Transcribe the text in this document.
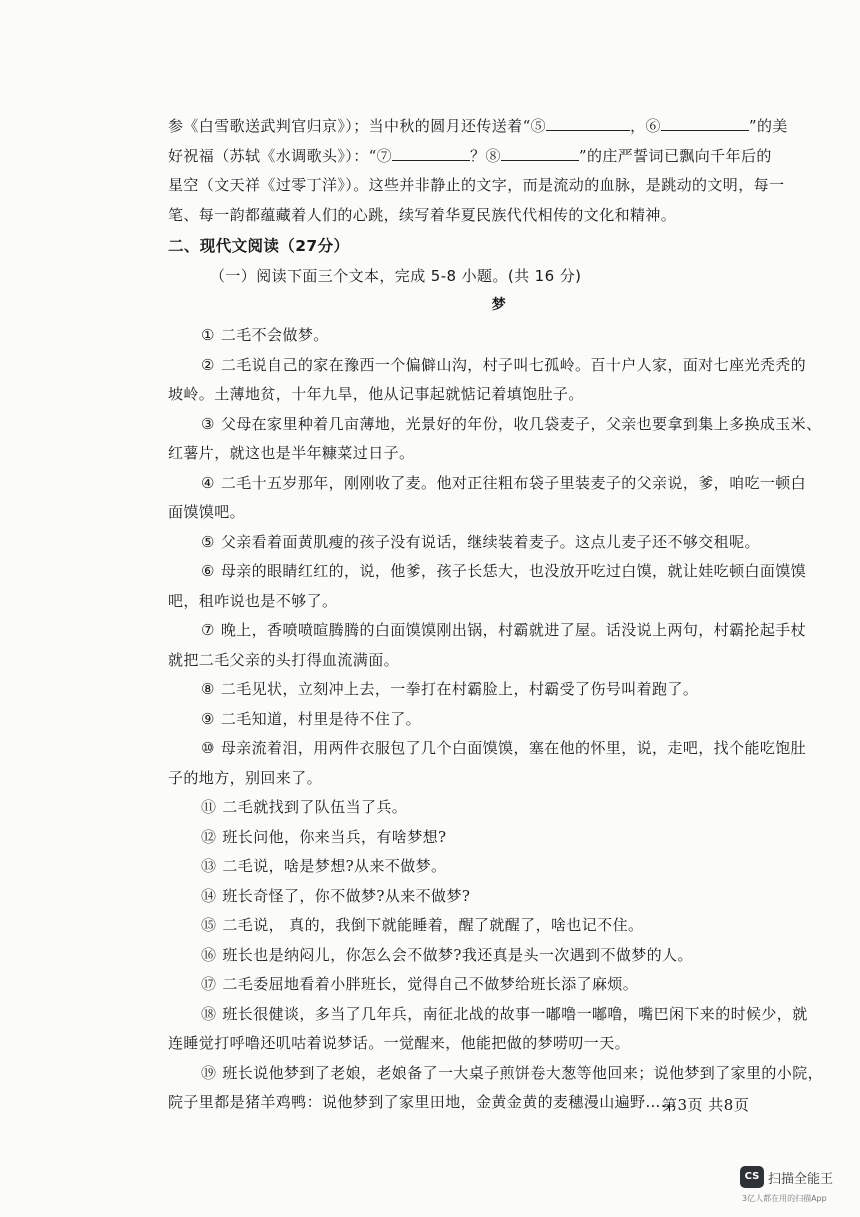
参《白雪歌送武判官归京》）；当中秋的圆月还传送着“⑤	，⑥	”的美
好祝福（苏轼《水调歌头》）：“⑦	？⑧	”的庄严誓词已飘向千年后的
星空（文天祥《过零丁洋》）。这些并非静止的文字，而是流动的血脉，是跳动的文明，每一
笔、每一韵都蕴藏着人们的心跳，续写着华夏民族代代相传的文化和精神。
二、现代文阅读（27分）
（一）阅读下面三个文本，完成 5-8 小题。(共 16 分)
梦
① 二毛不会做梦。
② 二毛说自己的家在豫西一个偏僻山沟，村子叫七孤岭。百十户人家，面对七座光秃秃的
坡岭。土薄地贫，十年九旱，他从记事起就惦记着填饱肚子。
③ 父母在家里种着几亩薄地，光景好的年份，收几袋麦子，父亲也要拿到集上多换成玉米、
红薯片，就这也是半年糠菜过日子。
④ 二毛十五岁那年，刚刚收了麦。他对正往粗布袋子里装麦子的父亲说，爹，咱吃一顿白
面馍馍吧。
⑤ 父亲看着面黄肌瘦的孩子没有说话，继续装着麦子。这点儿麦子还不够交租呢。
⑥ 母亲的眼睛红红的，说，他爹，孩子长恁大，也没放开吃过白馍，就让娃吃顿白面馍馍
吧，租咋说也是不够了。
⑦ 晚上，香喷喷暄腾腾的白面馍馍刚出锅，村霸就进了屋。话没说上两句，村霸抡起手杖
就把二毛父亲的头打得血流满面。
⑧ 二毛见状，立刻冲上去，一拳打在村霸脸上，村霸受了伤号叫着跑了。
⑨ 二毛知道，村里是待不住了。
⑩ 母亲流着泪，用两件衣服包了几个白面馍馍，塞在他的怀里，说，走吧，找个能吃饱肚
子的地方，别回来了。
⑪ 二毛就找到了队伍当了兵。
⑫ 班长问他，你来当兵，有啥梦想?
⑬ 二毛说，啥是梦想?从来不做梦。
⑭ 班长奇怪了，你不做梦?从来不做梦?
⑮ 二毛说， 真的，我倒下就能睡着，醒了就醒了，啥也记不住。
⑯ 班长也是纳闷儿，你怎么会不做梦?我还真是头一次遇到不做梦的人。
⑰ 二毛委屈地看着小胖班长，觉得自己不做梦给班长添了麻烦。
⑱ 班长很健谈，多当了几年兵，南征北战的故事一嘟噜一嘟噜，嘴巴闲下来的时候少，就
连睡觉打呼噜还叽咕着说梦话。一觉醒来，他能把做的梦唠叨一天。
⑲ 班长说他梦到了老娘，老娘备了一大桌子煎饼卷大葱等他回来；说他梦到了家里的小院，
院子里都是猪羊鸡鸭：说他梦到了家里田地，金黄金黄的麦穗漫山遍野……
第3页 共8页
CS 扫描全能王
3亿人都在用的扫描App
